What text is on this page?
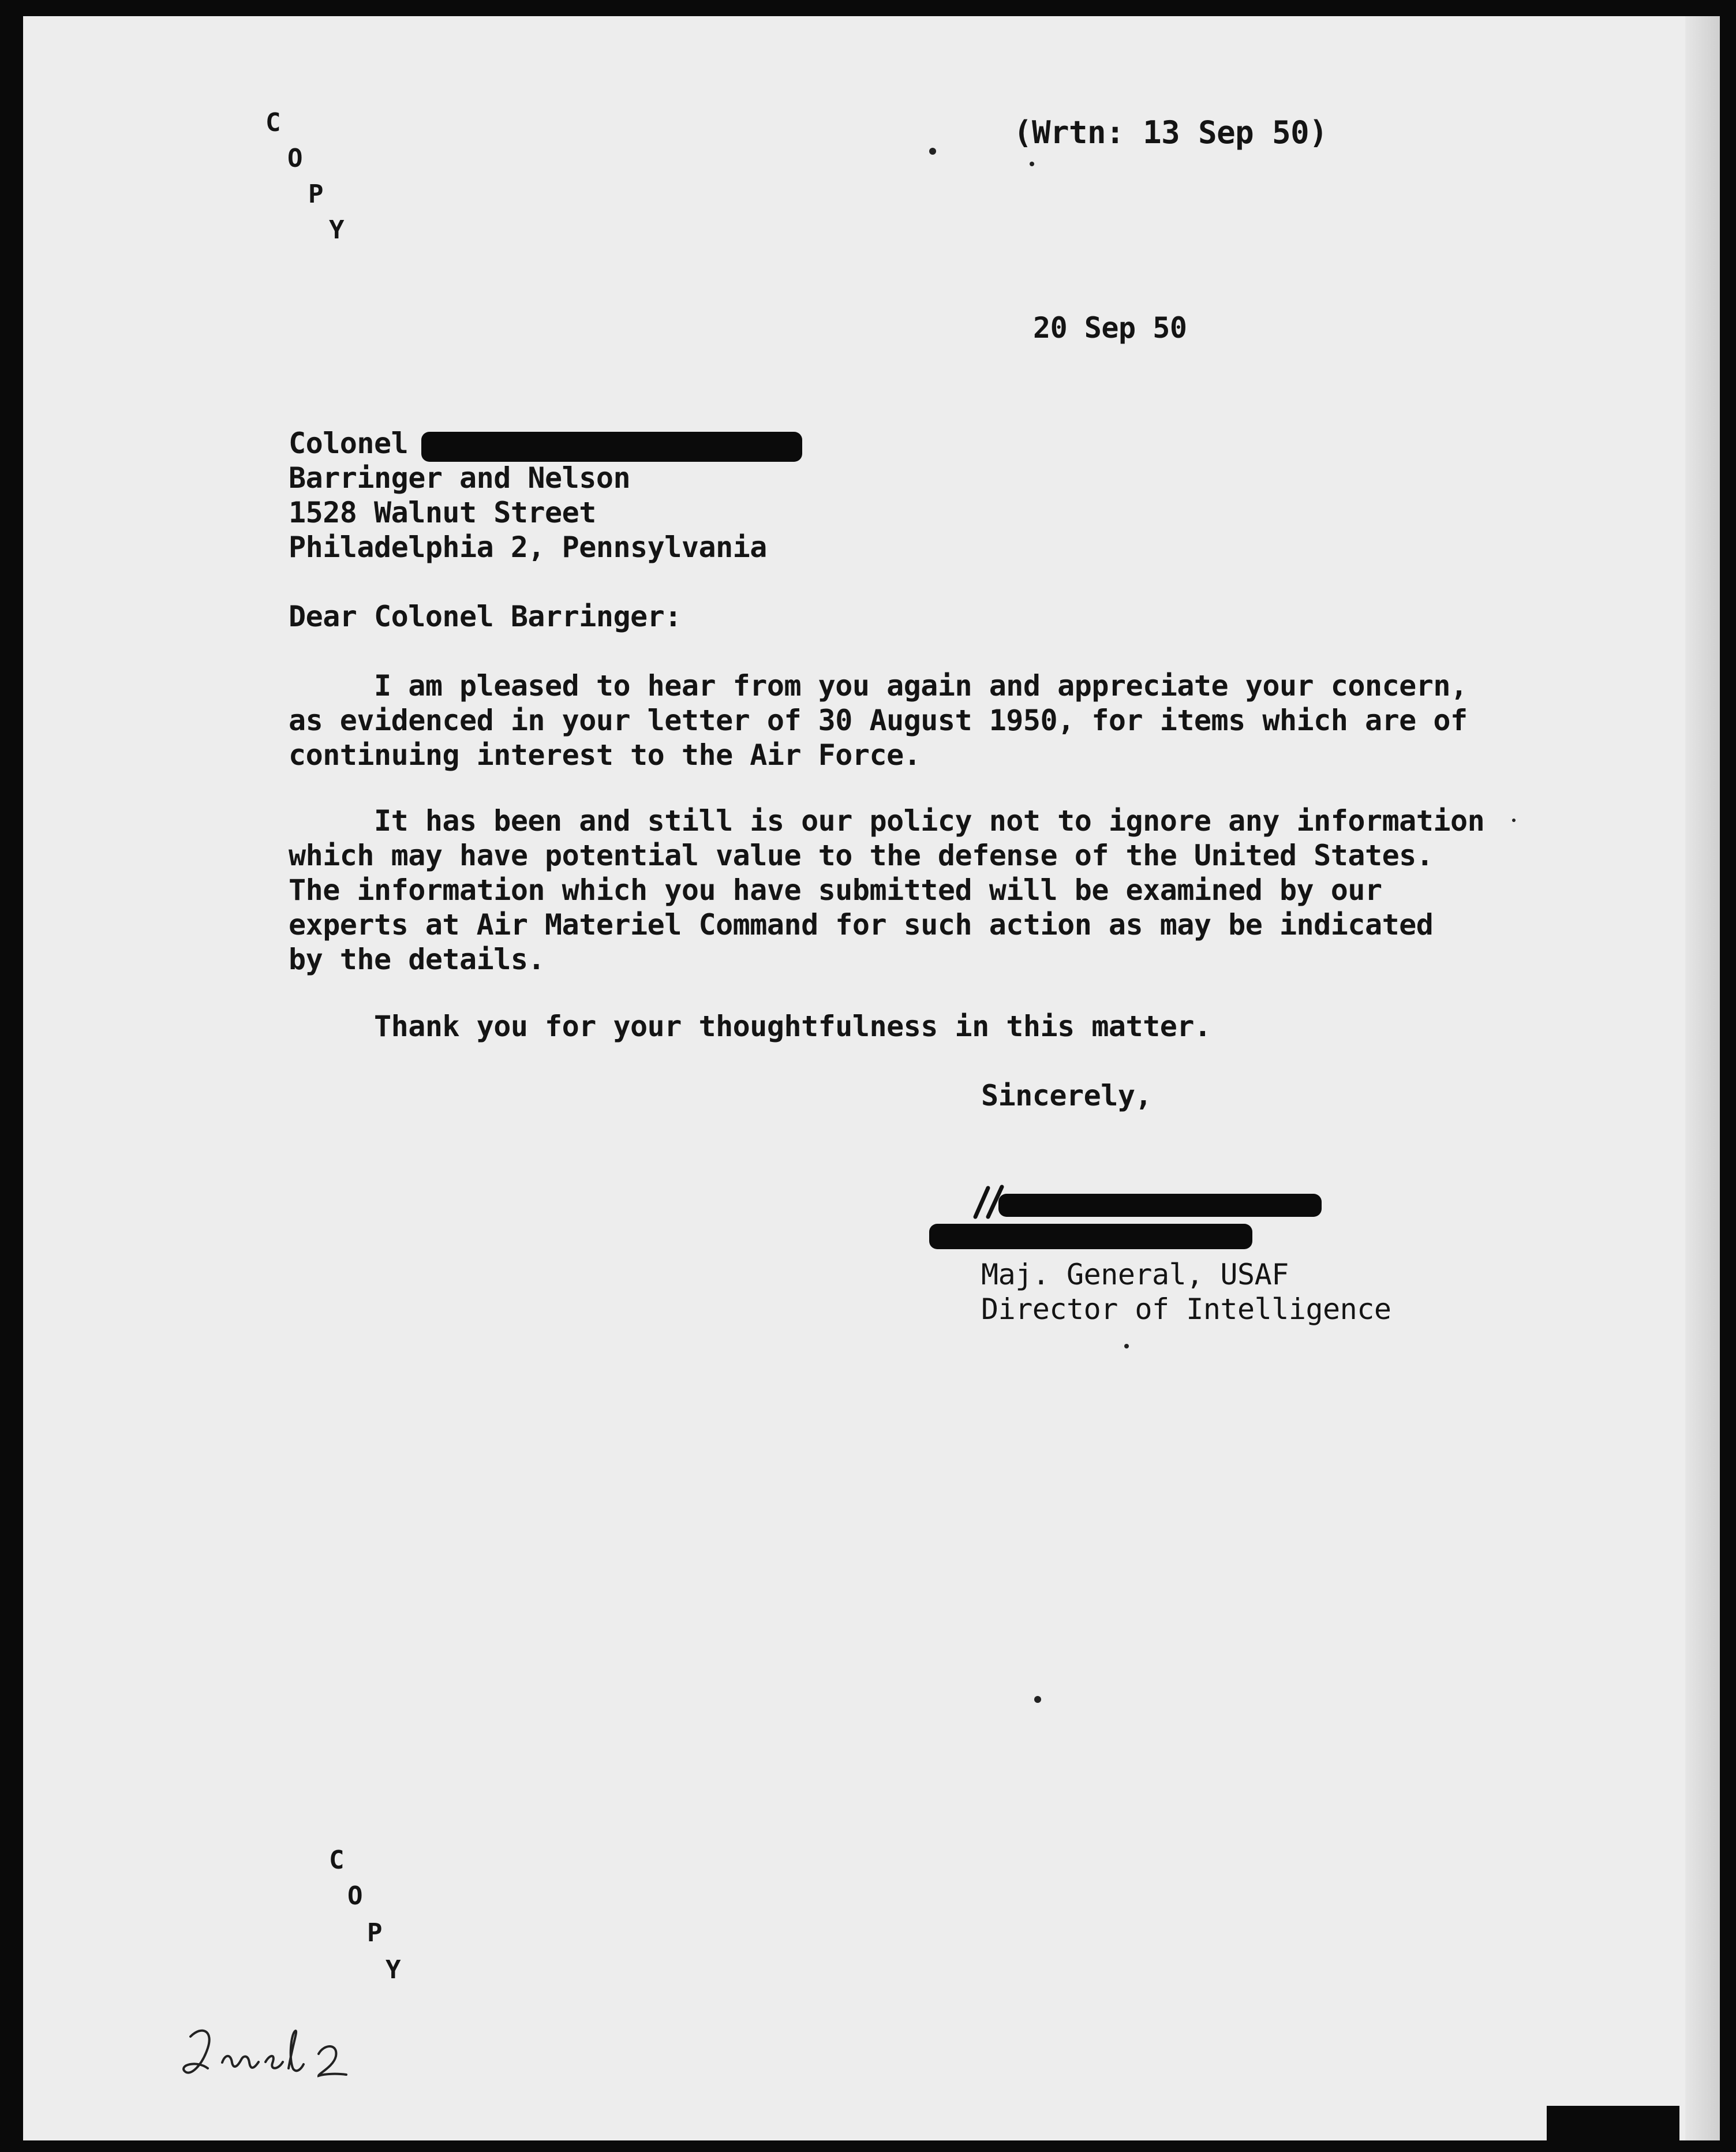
C
O
P
Y
(Wrtn: 13 Sep 50)
20 Sep 50
Colonel
Barringer and Nelson
1528 Walnut Street
Philadelphia 2, Pennsylvania
Dear Colonel Barringer:
I am pleased to hear from you again and appreciate your concern,
as evidenced in your letter of 30 August 1950, for items which are of
continuing interest to the Air Force.
It has been and still is our policy not to ignore any information
which may have potential value to the defense of the United States.
The information which you have submitted will be examined by our
experts at Air Materiel Command for such action as may be indicated
by the details.
Thank you for your thoughtfulness in this matter.
Sincerely,
Maj. General, USAF
Director of Intelligence
C
O
P
Y
